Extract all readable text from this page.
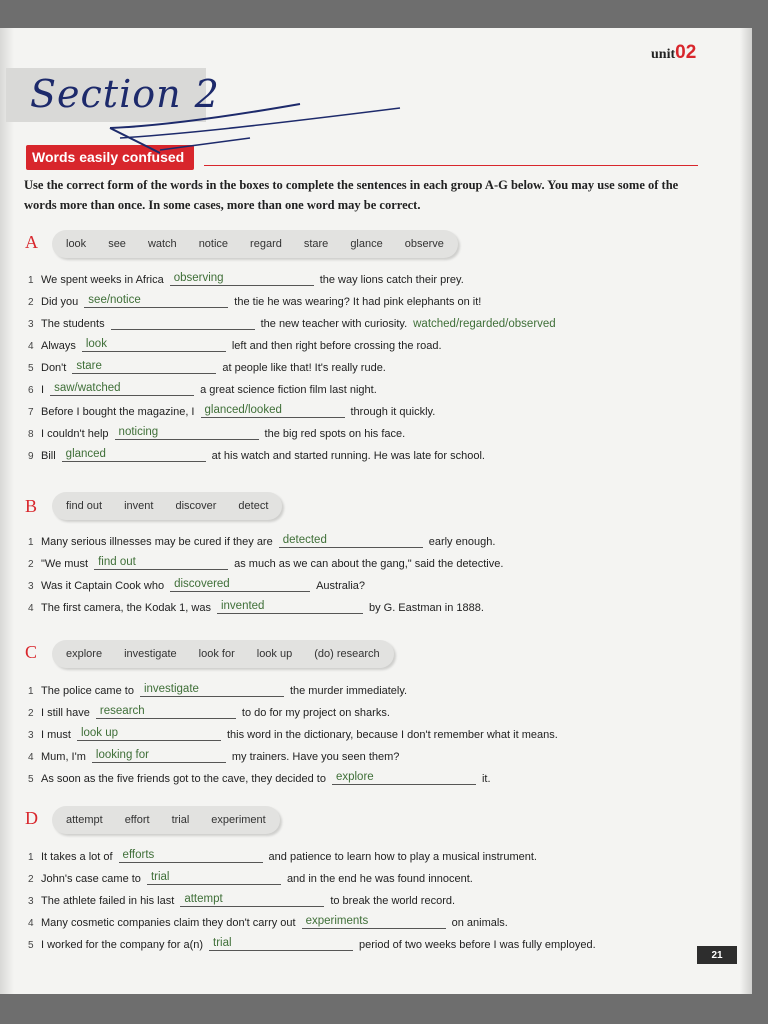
unit02
Section 2
Words easily confused
Use the correct form of the words in the boxes to complete the sentences in each group A-G below. You may use some of the words more than once. In some cases, more than one word may be correct.
A	look see watch notice regard stare glance observe
1 We spent weeks in Africa observing	the way lions catch their prey.
2 Did you see/notice	the tie he was wearing? It had pink elephants on it!
3 The students	the new teacher with curiosity. watched/regarded/observed
4 Always look	left and then right before crossing the road.
5 Don't stare	at people like that! It's really rude.
6 I saw/watched	a great science fiction film last night.
7 Before I bought the magazine, I glanced/looked	through it quickly.
8 I couldn't help noticing	the big red spots on his face.
9 Bill glanced	at his watch and started running. He was late for school.
B	find out invent discover detect
1 Many serious illnesses may be cured if they are detected	early enough.
2 "We must find out	as much as we can about the gang," said the detective.
3 Was it Captain Cook who discovered	Australia?
4 The first camera, the Kodak 1, was invented	by G. Eastman in 1888.
C	explore investigate look for look up (do) research
1 The police came to investigate	the murder immediately.
2 I still have research	to do for my project on sharks.
3 I must look up	this word in the dictionary, because I don't remember what it means.
4 Mum, I'm looking for	my trainers. Have you seen them?
5 As soon as the five friends got to the cave, they decided to explore	it.
D	attempt effort trial experiment
1 It takes a lot of efforts	and patience to learn how to play a musical instrument.
2 John's case came to trial	and in the end he was found innocent.
3 The athlete failed in his last attempt	to break the world record.
4 Many cosmetic companies claim they don't carry out experiments	on animals.
5 I worked for the company for a(n) trial	period of two weeks before I was fully employed.
21
